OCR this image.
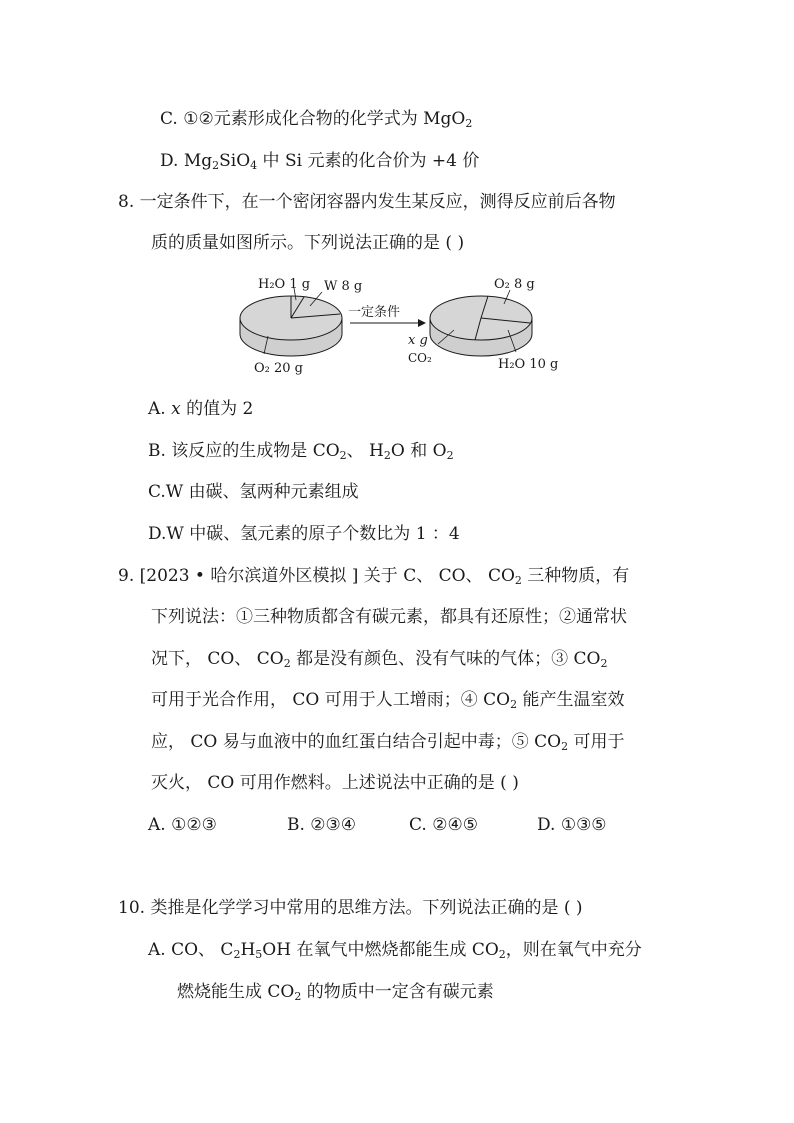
C. ①②元素形成化合物的化学式为 MgO$_2$
D. $Mg_2SiO_4$ 中 Si 元素的化合价为 +4 价
8. 一定条件下，在一个密闭容器内发生某反应，测得反应前后各物
质的质量如图所示。下列说法正确的是 ( )
H₂O 1 g W 8 g
O₂ 20 g
一定条件
O₂ 8 g
x g
CO₂	H₂O 10 g
A. x 的值为 2
B. 该反应的生成物是 $CO_2$、 $H_2O$ 和 $O_2$
C.W 由碳、氢两种元素组成
D.W 中碳、氢元素的原子个数比为 1 ：4
9. [2023 • 哈尔滨道外区模拟 ] 关于 C、 CO、 $CO_2$ 三种物质，有
下列说法：①三种物质都含有碳元素，都具有还原性；②通常状
况下， CO、 $CO_2$ 都是没有颜色、没有气味的气体；③ $CO_2$
可用于光合作用， CO 可用于人工增雨；④ $CO_2$ 能产生温室效
应， CO 易与血液中的血红蛋白结合引起中毒；⑤ $CO_2$ 可用于
灭火， CO 可用作燃料。上述说法中正确的是 ( )
A. ①②③	B. ②③④	C. ②④⑤	D. ①③⑤
10. 类推是化学学习中常用的思维方法。下列说法正确的是 ( )
A. CO、 $C_2H_5OH$ 在氧气中燃烧都能生成 $CO_2$，则在氧气中充分
燃烧能生成 $CO_2$ 的物质中一定含有碳元素
